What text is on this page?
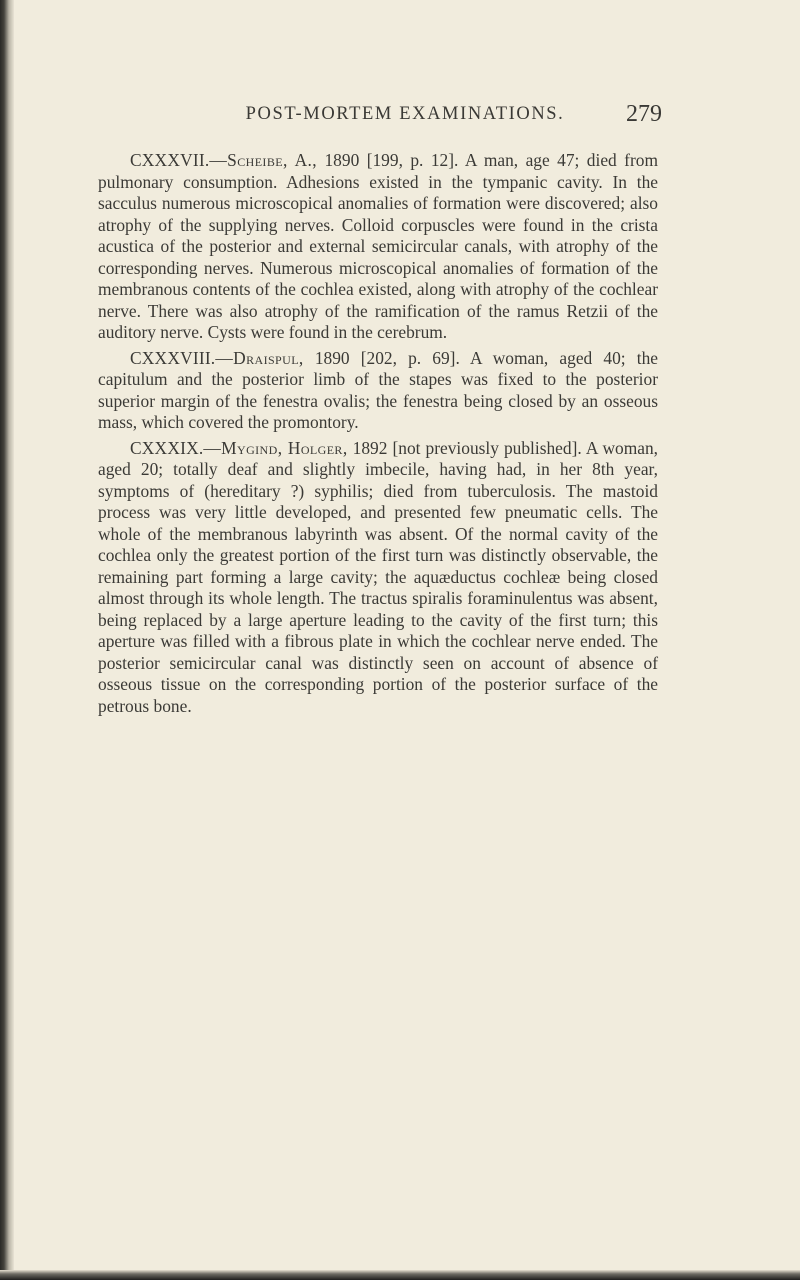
POST-MORTEM EXAMINATIONS.	279

CXXXVII.—Scheibe, A., 1890 [199, p. 12]. A man, age 47; died from pulmonary consumption. Adhesions existed in the tympanic cavity. In the sacculus numerous microscopical anomalies of formation were discovered; also atrophy of the supplying nerves. Colloid corpuscles were found in the crista acustica of the posterior and external semicircular canals, with atrophy of the corresponding nerves. Numerous microscopical anomalies of formation of the membranous contents of the cochlea existed, along with atrophy of the cochlear nerve. There was also atrophy of the ramification of the ramus Retzii of the auditory nerve. Cysts were found in the cerebrum.

CXXXVIII.—Draispul, 1890 [202, p. 69]. A woman, aged 40; the capitulum and the posterior limb of the stapes was fixed to the posterior superior margin of the fenestra ovalis; the fenestra being closed by an osseous mass, which covered the promontory.

CXXXIX.—Mygind, Holger, 1892 [not previously published]. A woman, aged 20; totally deaf and slightly imbecile, having had, in her 8th year, symptoms of (hereditary ?) syphilis; died from tuberculosis. The mastoid process was very little developed, and presented few pneumatic cells. The whole of the membranous labyrinth was absent. Of the normal cavity of the cochlea only the greatest portion of the first turn was distinctly observable, the remaining part forming a large cavity; the aquæductus cochleæ being closed almost through its whole length. The tractus spiralis foraminulentus was absent, being replaced by a large aperture leading to the cavity of the first turn; this aperture was filled with a fibrous plate in which the cochlear nerve ended. The posterior semicircular canal was distinctly seen on account of absence of osseous tissue on the corresponding portion of the posterior surface of the petrous bone.
